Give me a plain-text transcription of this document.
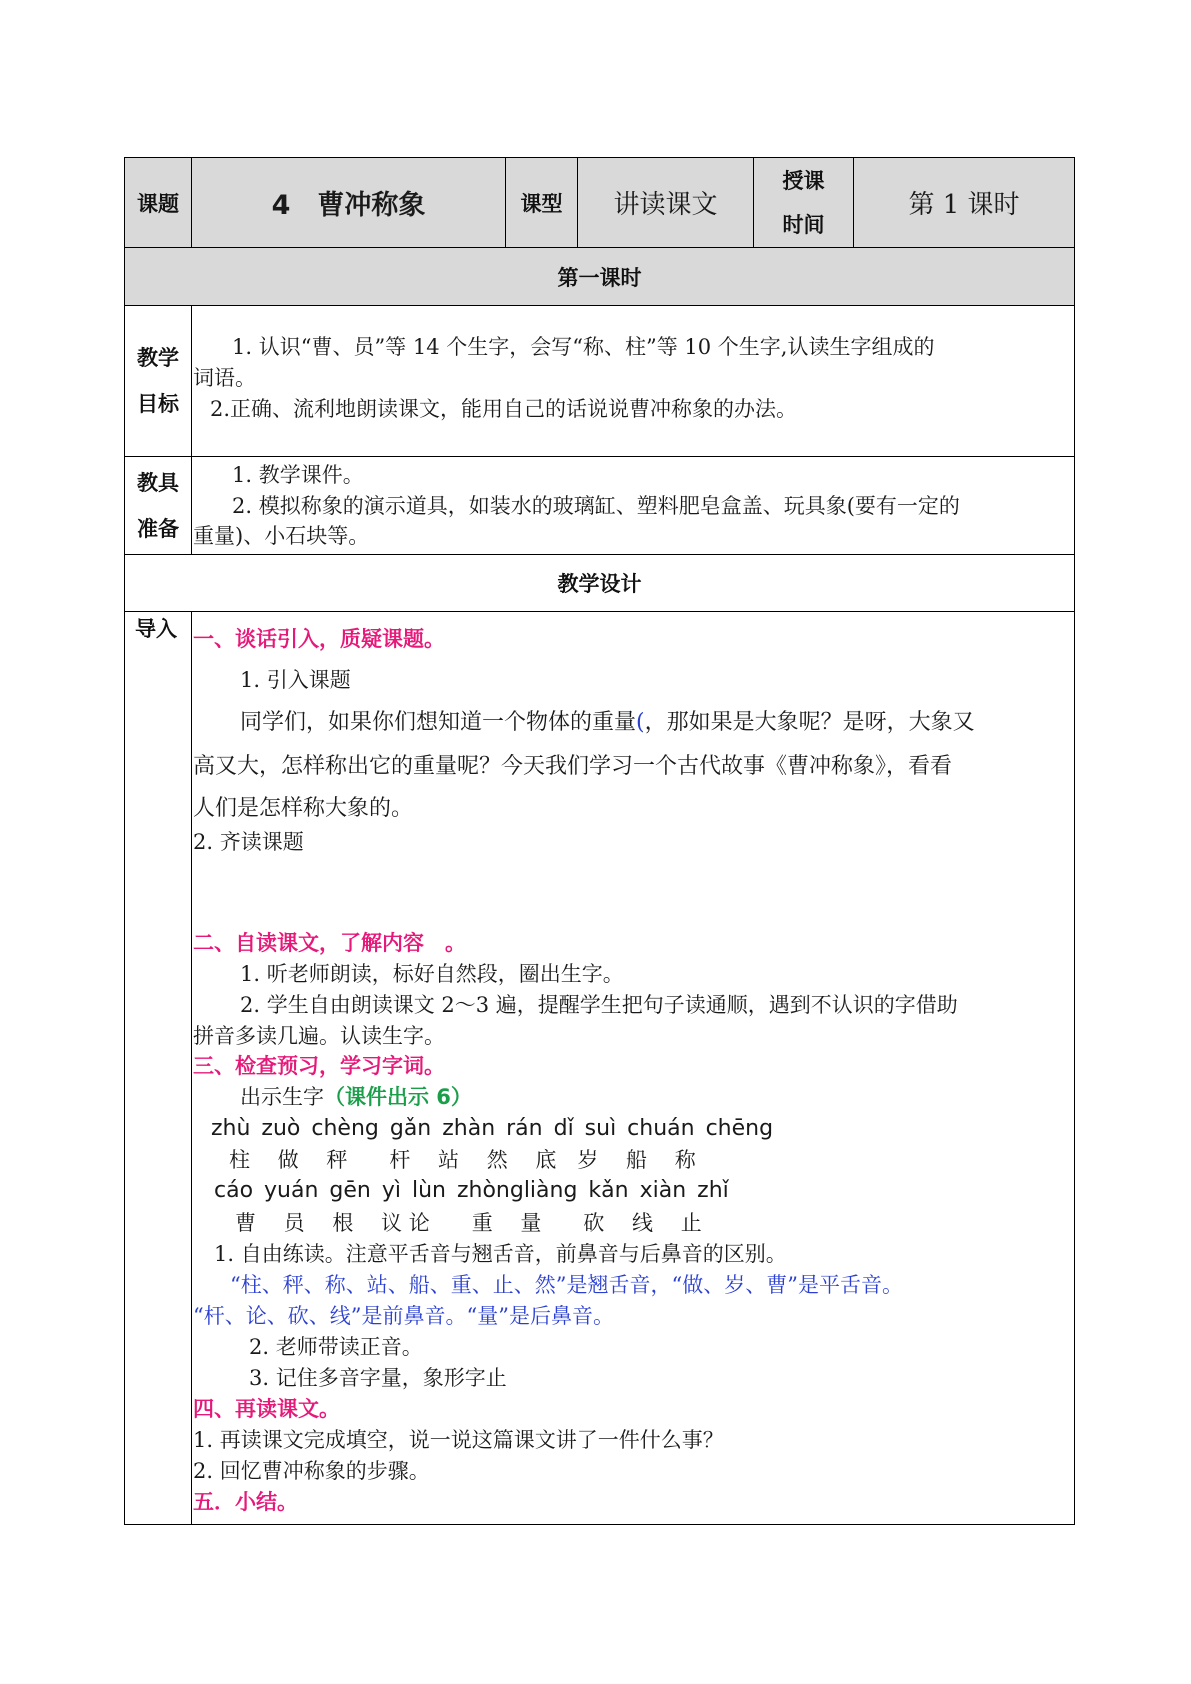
课题	4　曹冲称象	课型 讲读课文
授课
时间
第 1 课时
第一课时
教学
目标
1. 认识“曹、员”等 14 个生字，会写“称、柱”等 10 个生字,认读生字组成的
词语。
2.正确、流利地朗读课文，能用自己的话说说曹冲称象的办法。
教具
准备
1. 教学课件。
2. 模拟称象的演示道具，如装水的玻璃缸、塑料肥皂盒盖、玩具象(要有一定的
重量)、小石块等。
教学设计
导入 一、谈话引入，质疑课题。
1. 引入课题
同学们，如果你们想知道一个物体的重量(，那如果是大象呢？是呀，大象又
高又大，怎样称出它的重量呢？今天我们学习一个古代故事《曹冲称象》，看看
人们是怎样称大象的。
2. 齐读课题
二、自读课文，了解内容　。
1. 听老师朗读，标好自然段，圈出生字。
2. 学生自由朗读课文 2～3 遍，提醒学生把句子读通顺，遇到不认识的字借助
拼音多读几遍。认读生字。
三、检查预习，学习字词。
出示生字（课件出示 6）
zhù zuò chèng gǎn zhàn rán dǐ suì chuán chēng
柱　 做　 秤　　杆　 站　 然　 底　岁　 船　 称
cáo yuán gēn yì lùn zhòngliàng kǎn xiàn zhǐ
曹　 员　 根　 议 论　　重　 量　　砍　 线　 止
1. 自由练读。注意平舌音与翘舌音，前鼻音与后鼻音的区别。
“柱、秤、称、站、船、重、止、然”是翘舌音，“做、岁、曹”是平舌音。
“杆、论、砍、线”是前鼻音。“量”是后鼻音。
2. 老师带读正音。
3. 记住多音字量，象形字止
四、再读课文。
1. 再读课文完成填空，说一说这篇课文讲了一件什么事？
2. 回忆曹冲称象的步骤。
五．小结。
